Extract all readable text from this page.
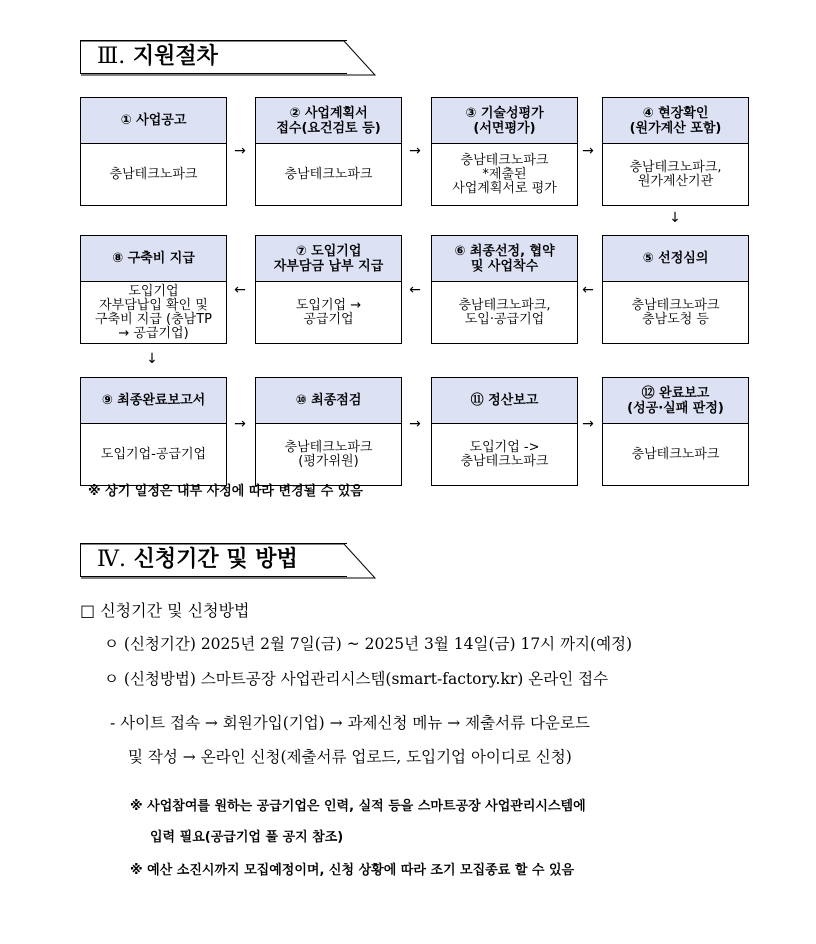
Ⅲ. 지원절차
① 사업공고
충남테크노파크
② 사업계획서
접수(요건검토 등)
충남테크노파크
③ 기술성평가
(서면평가)
충남테크노파크
*제출된
사업계획서로 평가
④ 현장확인
(원가계산 포함)
충남테크노파크,
원가계산기관
→	→	→
↓
⑧ 구축비 지급
도입기업
자부담납입 확인 및
구축비 지급 (충남TP
→ 공급기업)
⑦ 도입기업
자부담금 납부 지급
도입기업 →
공급기업
⑥ 최종선정, 협약
및 사업착수
충남테크노파크,
도입·공급기업
⑤ 선정심의
충남테크노파크
충남도청 등
←	←	←
↓
⑨ 최종완료보고서
도입기업-공급기업
⑩ 최종점검
충남테크노파크
(평가위원)
⑪ 정산보고
도입기업 ->
충남테크노파크
⑫ 완료보고
(성공·실패 판정)
충남테크노파크
→	→	→
※ 상기 일정은 내부 사정에 따라 변경될 수 있음
Ⅳ. 신청기간 및 방법
□ 신청기간 및 신청방법
ㅇ (신청기간) 2025년 2월 7일(금) ~ 2025년 3월 14일(금) 17시 까지(예정)
ㅇ (신청방법) 스마트공장 사업관리시스템(smart-factory.kr) 온라인 접수
- 사이트 접속 → 회원가입(기업) → 과제신청 메뉴 → 제출서류 다운로드
및 작성 → 온라인 신청(제출서류 업로드, 도입기업 아이디로 신청)
※ 사업참여를 원하는 공급기업은 인력, 실적 등을 스마트공장 사업관리시스템에
입력 필요(공급기업 풀 공지 참조)
※ 예산 소진시까지 모집예정이며, 신청 상황에 따라 조기 모집종료 할 수 있음
